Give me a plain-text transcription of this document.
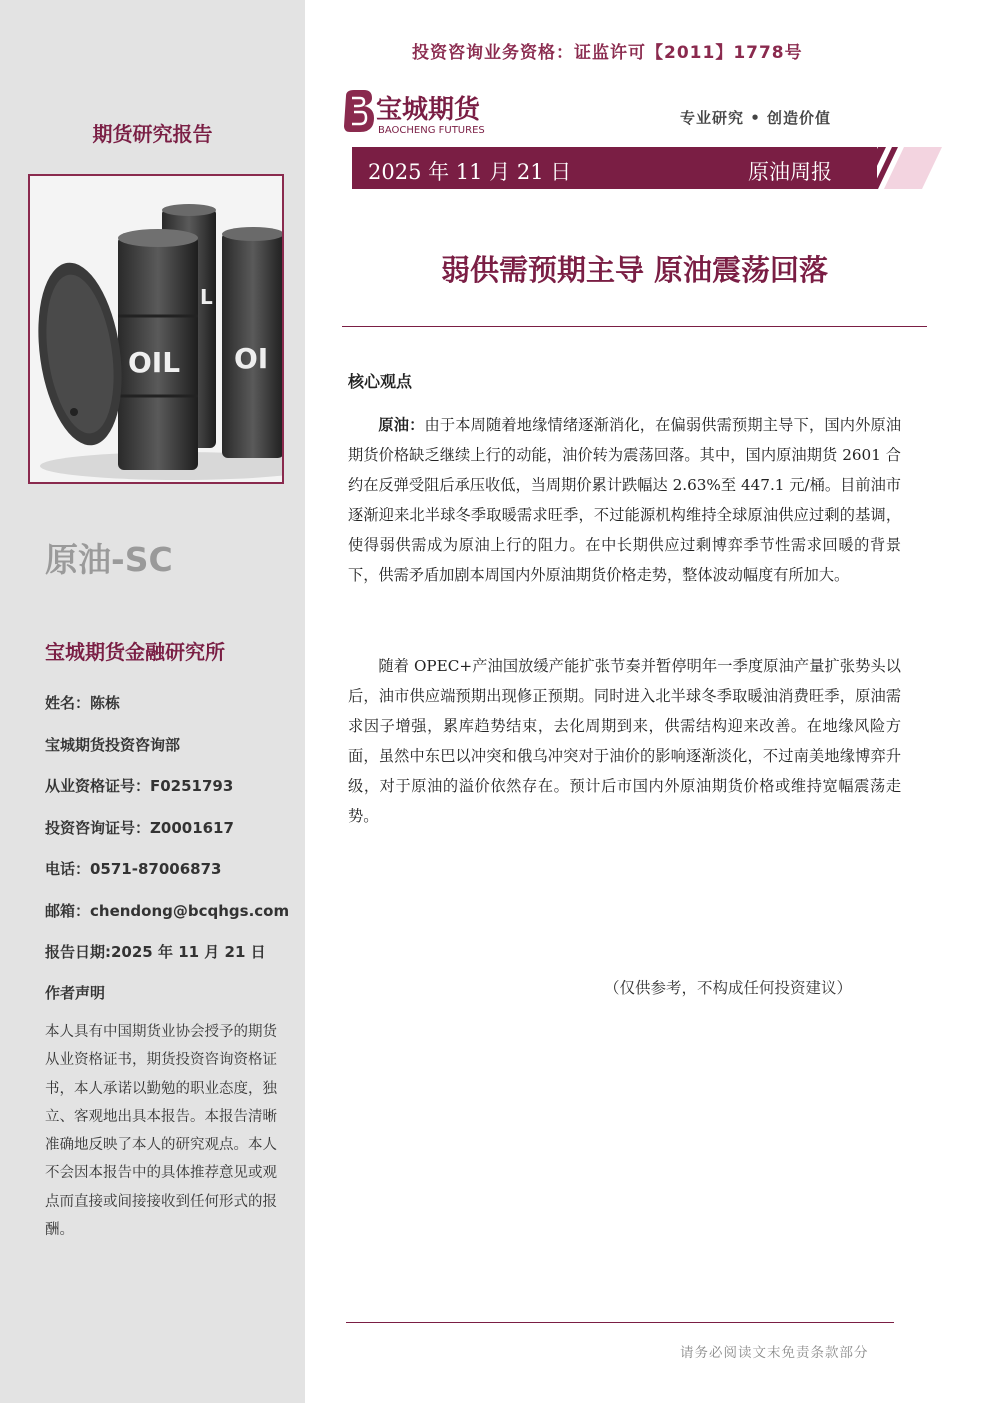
期货研究报告
L
OI
OIL
原油-SC
宝城期货金融研究所
姓名：陈栋
宝城期货投资咨询部
从业资格证号：F0251793
投资咨询证号：Z0001617
电话：0571-87006873
邮箱：chendong@bcqhgs.com
报告日期:2025 年 11 月 21 日
作者声明
本人具有中国期货业协会授予的期货从业资格证书，期货投资咨询资格证书，本人承诺以勤勉的职业态度，独立、客观地出具本报告。本报告清晰准确地反映了本人的研究观点。本人不会因本报告中的具体推荐意见或观点而直接或间接接收到任何形式的报酬。
投资咨询业务资格：证监许可【2011】1778号
宝城期货
BAOCHENG FUTURES
专业研究 • 创造价值
2025 年 11 月 21 日	原油周报
弱供需预期主导 原油震荡回落
核心观点

原油：由于本周随着地缘情绪逐渐消化，在偏弱供需预期主导下，国内外原油期货价格缺乏继续上行的动能，油价转为震荡回落。其中，国内原油期货 2601 合约在反弹受阻后承压收低，当周期价累计跌幅达 2.63%至 447.1 元/桶。目前油市逐渐迎来北半球冬季取暖需求旺季，不过能源机构维持全球原油供应过剩的基调，使得弱供需成为原油上行的阻力。在中长期供应过剩博弈季节性需求回暖的背景下，供需矛盾加剧本周国内外原油期货价格走势，整体波动幅度有所加大。

随着 OPEC+产油国放缓产能扩张节奏并暂停明年一季度原油产量扩张势头以后，油市供应端预期出现修正预期。同时进入北半球冬季取暖油消费旺季，原油需求因子增强，累库趋势结束，去化周期到来，供需结构迎来改善。在地缘风险方面，虽然中东巴以冲突和俄乌冲突对于油价的影响逐渐淡化，不过南美地缘博弈升级，对于原油的溢价依然存在。预计后市国内外原油期货价格或维持宽幅震荡走势。

（仅供参考，不构成任何投资建议）
请务必阅读文末免责条款部分
